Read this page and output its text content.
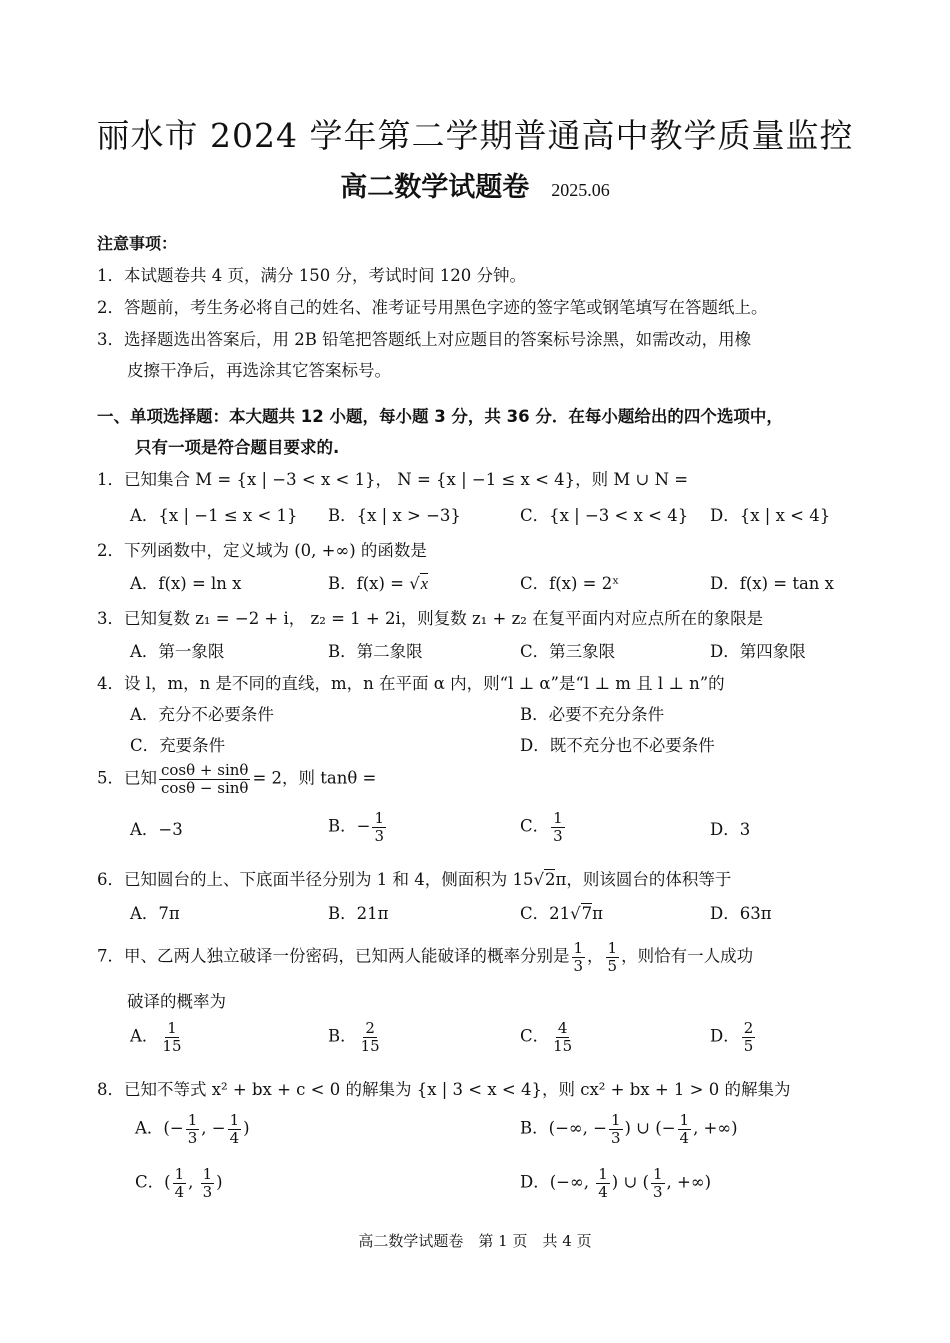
丽水市 2024 学年第二学期普通高中教学质量监控
高二数学试题卷 2025.06
注意事项：
1．本试题卷共 4 页，满分 150 分，考试时间 120 分钟。
2．答题前，考生务必将自己的姓名、准考证号用黑色字迹的签字笔或钢笔填写在答题纸上。
3．选择题选出答案后，用 2B 铅笔把答题纸上对应题目的答案标号涂黑，如需改动，用橡
皮擦干净后，再选涂其它答案标号。
一、单项选择题：本大题共 12 小题，每小题 3 分，共 36 分．在每小题给出的四个选项中，
只有一项是符合题目要求的.
1．已知集合 M = {x | −3 < x < 1}， N = {x | −1 ≤ x < 4}，则 M ∪ N =
A．{x | −1 ≤ x < 1} B．{x | x > −3}	C．{x | −3 < x < 4} D．{x | x < 4}
2．下列函数中，定义域为 (0, +∞) 的函数是
A．f(x) = ln x	B．f(x) = √x	C．f(x) = 2ˣ	D．f(x) = tan x
3．已知复数 z₁ = −2 + i， z₂ = 1 + 2i，则复数 z₁ + z₂ 在复平面内对应点所在的象限是
A．第一象限	B．第二象限	C．第三象限	D．第四象限
4．设 l，m，n 是不同的直线，m，n 在平面 α 内，则“l ⊥ α”是“l ⊥ m 且 l ⊥ n”的
A．充分不必要条件	B．必要不充分条件
C．充要条件	D．既不充分也不必要条件
5．已知 $\frac{\cos\theta + \sin\theta}{\cos\theta - \sin\theta} = 2$，则 tanθ =
A．−3	B．− $\frac{1}{3}$	C． $\frac{1}{3}$	D．3
6．已知圆台的上、下底面半径分别为 1 和 4，侧面积为 15√2π，则该圆台的体积等于
A．7π	B．21π	C．21√7π	D．63π
7．甲、乙两人独立破译一份密码，已知两人能破译的概率分别是 $\frac{1}{3}$ ， $\frac{1}{5}$ ，则恰有一人成功
破译的概率为
A． $\frac{1}{15}$	B． $\frac{2}{15}$	C． $\frac{4}{15}$	D． $\frac{2}{5}$
8．已知不等式 x² + bx + c < 0 的解集为 {x | 3 < x < 4}，则 cx² + bx + 1 > 0 的解集为
A．(− $\frac{1}{3}$ , − $\frac{1}{4}$ )	B．(−∞, − $\frac{1}{3}$ ) ∪ (− $\frac{1}{4}$ , +∞)
C．( $\frac{1}{4}$ , $\frac{1}{3}$ )	D．(−∞, $\frac{1}{4}$ ) ∪ ( $\frac{1}{3}$ , +∞)
高二数学试题卷　第 1 页　共 4 页
